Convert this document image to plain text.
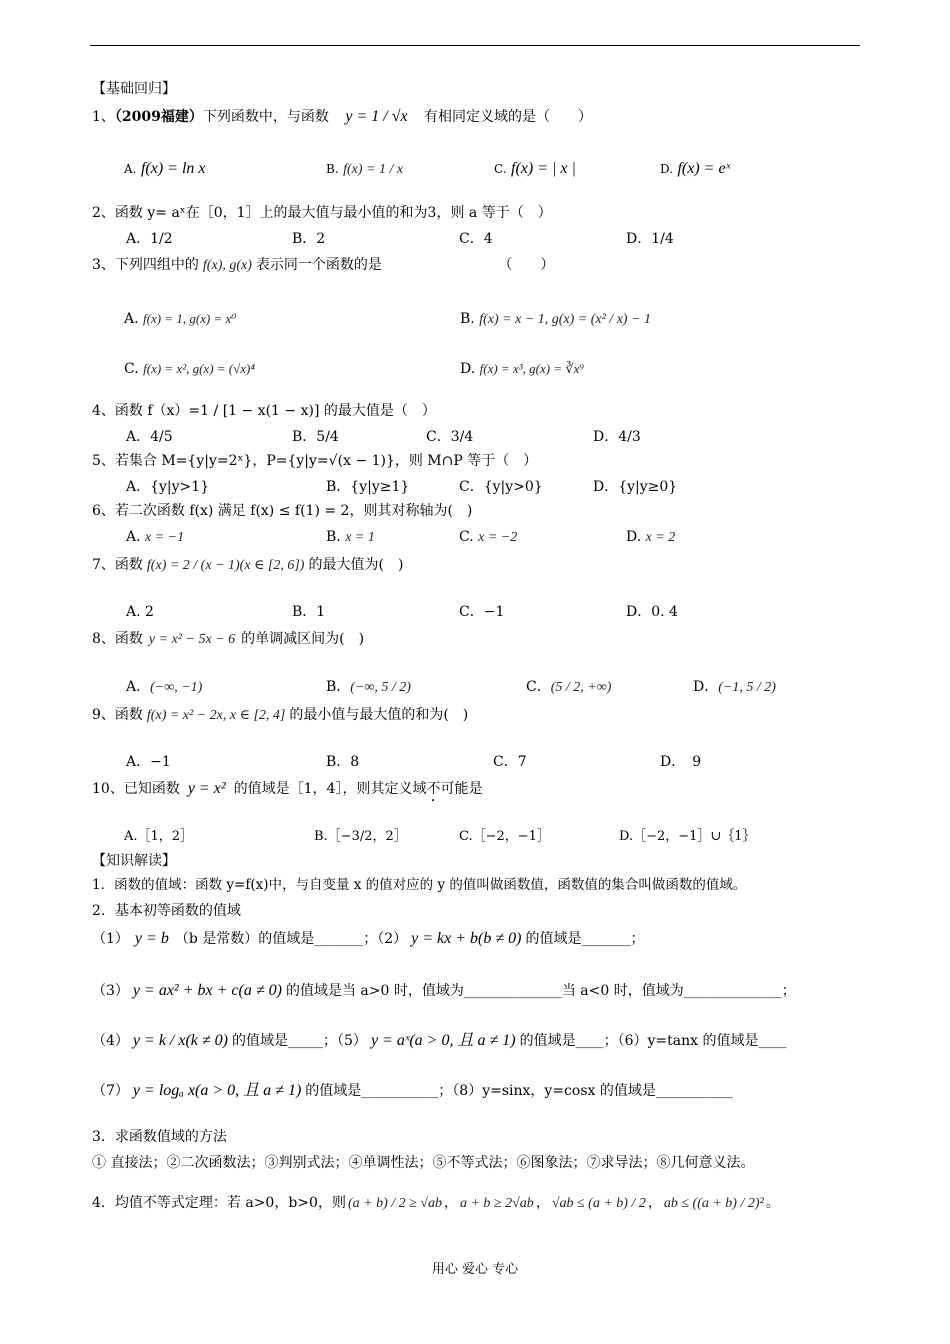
【基础回归】
1、（2009福建）下列函数中，与函数 y = 1 / √x 有相同定义域的是（　　）
A. f(x) = ln x	B. f(x) = 1 / x	C. f(x) = | x |	D. f(x) = eˣ
2、函数 y= aˣ在［0，1］上的最大值与最小值的和为3，则 a 等于（　）
A．1/2	B．2	C．4	D．1/4
3、下列四组中的 f(x), g(x) 表示同一个函数的是	（　　）
A. f(x) = 1, g(x) = x⁰	B. f(x) = x − 1, g(x) = (x² / x) − 1
C. f(x) = x², g(x) = (√x)⁴	D. f(x) = x³, g(x) = ∛x⁹
4、函数 f（x）=1 / [1 − x(1 − x)] 的最大值是（　）
A．4/5	B．5/4	C．3/4	D．4/3
5、若集合 M={y|y=2ˣ}，P={y|y=√(x − 1)}，则 M∩P 等于（　）
A．{y|y>1}	B．{y|y≥1}	C．{y|y>0}	D．{y|y≥0}
6、若二次函数 f(x) 满足 f(x) ≤ f(1) = 2，则其对称轴为(　)
A. x = −1	B. x = 1	C. x = −2	D. x = 2
7、函数 f(x) = 2 / (x − 1)(x ∈ [2, 6]) 的最大值为(　)
A. 2	B．1	C．−1	D．0. 4
8、函数 y = x² − 5x − 6 的单调减区间为(　)
A．(−∞, −1)	B．(−∞, 5 / 2)	C．(5 / 2, +∞)	D．(−1, 5 / 2)
9、函数 f(x) = x² − 2x, x ∈ [2, 4] 的最小值与最大值的和为(　)
A．−1	B．8	C．7	D．　9
10、已知函数 y = x² 的值域是［1，4］，则其定义域不可能是
A.［1，2］	B.［−3/2，2］	C.［−2，−1］	D.［−2，−1］∪｛1｝
【知识解读】
1．函数的值域：函数 y=f(x)中，与自变量 x 的值对应的 y 的值叫做函数值，函数值的集合叫做函数的值域。
2．基本初等函数的值域
（1） y = b （b 是常数）的值域是_______；（2） y = kx + b(b ≠ 0) 的值域是_______；
（3） y = ax² + bx + c(a ≠ 0) 的值域是当 a>0 时，值域为______________当 a<0 时，值域为______________；
（4） y = k / x(k ≠ 0) 的值域是_____；（5） y = aˣ(a > 0, 且 a ≠ 1) 的值域是____；（6）y=tanx 的值域是____
（7） y = logₐ x(a > 0, 且 a ≠ 1) 的值域是___________；（8）y=sinx，y=cosx 的值域是___________
3．求函数值域的方法
① 直接法；②二次函数法；③判别式法；④单调性法；⑤不等式法；⑥图象法；⑦求导法；⑧几何意义法。
4．均值不等式定理：若 a>0，b>0，则 (a + b) / 2 ≥ √ab ， a + b ≥ 2√ab ， √ab ≤ (a + b) / 2 ， ab ≤ ((a + b) / 2)² 。
用心 爱心 专心
